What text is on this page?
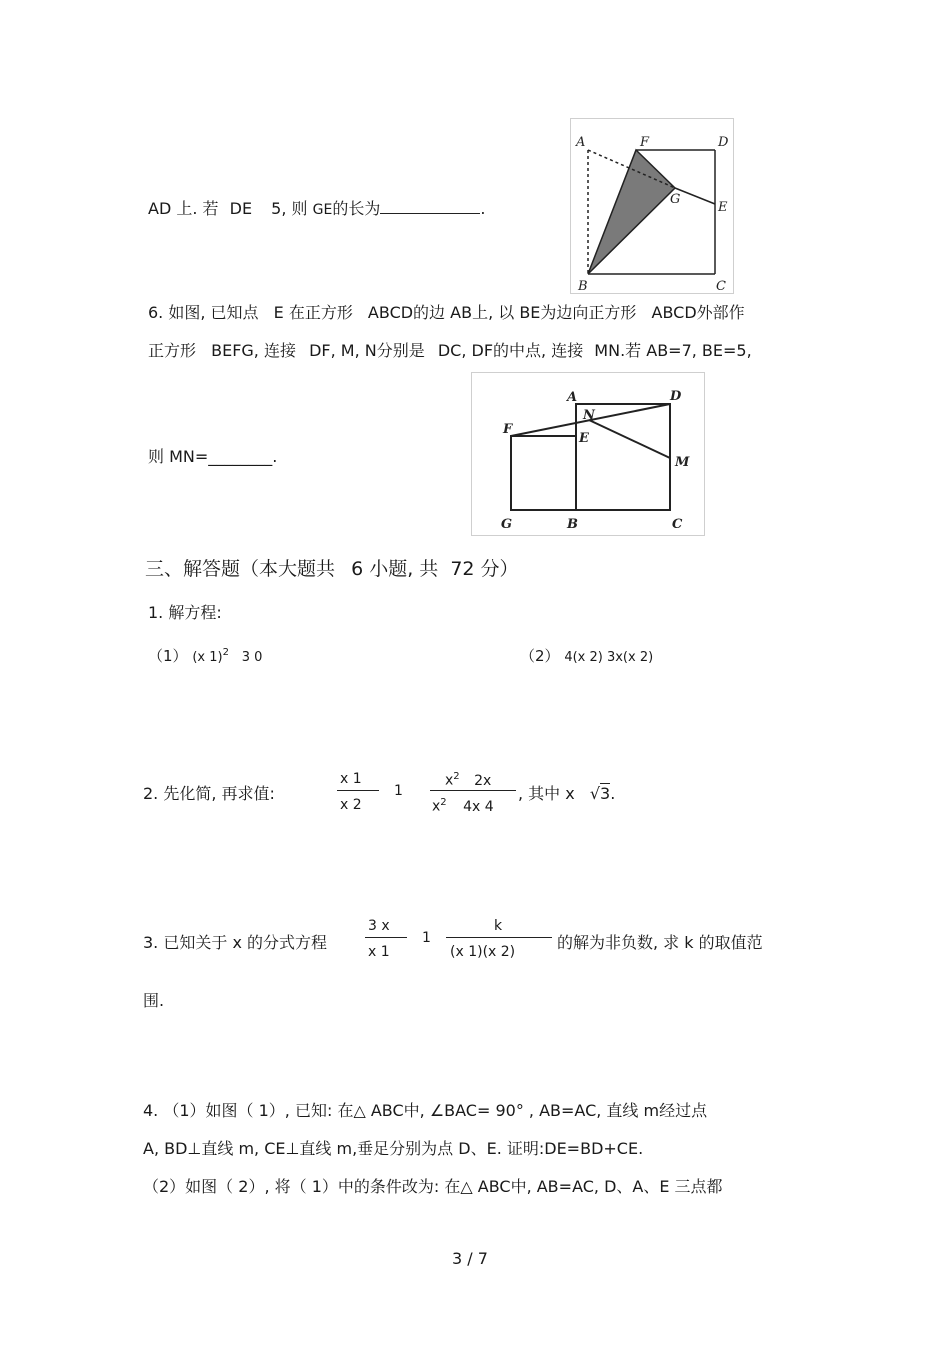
AD 上. 若 DE 5, 则 GE的长为	.
A	F	D
G
E
B	C
6. 如图, 已知点 E 在正方形 ABCD的边 AB上, 以 BE为边向正方形 ABCD外部作
正方形 BEFG, 连接 DF, M, N分别是 DC, DF的中点, 连接 MN.若 AB=7, BE=5,
则 MN=________.
A	D
N
F
E
M
G	B	C
三、解答题（本大题共 6 小题, 共 72 分）
1. 解方程:
（1） (x 1)$^2$ 3 0	（2） 4(x 2) 3x(x 2)
2. 先化简, 再求值:
x 1
x 2
1
$x^2$ 2x
$x^2$ 4x 4
, 其中 x √3.
3. 已知关于 x 的分式方程
3 x
x 1
1
k
(x 1)(x 2)	的解为非负数, 求 k 的取值范
围.
4. （1）如图（ 1）, 已知: 在△ ABC中, ∠BAC= 90° , AB=AC, 直线 m经过点
A, BD⊥直线 m, CE⊥直线 m,垂足分别为点 D、E. 证明:DE=BD+CE.
（2）如图（ 2）, 将（ 1）中的条件改为: 在△ ABC中, AB=AC, D、A、E 三点都
3 / 7
